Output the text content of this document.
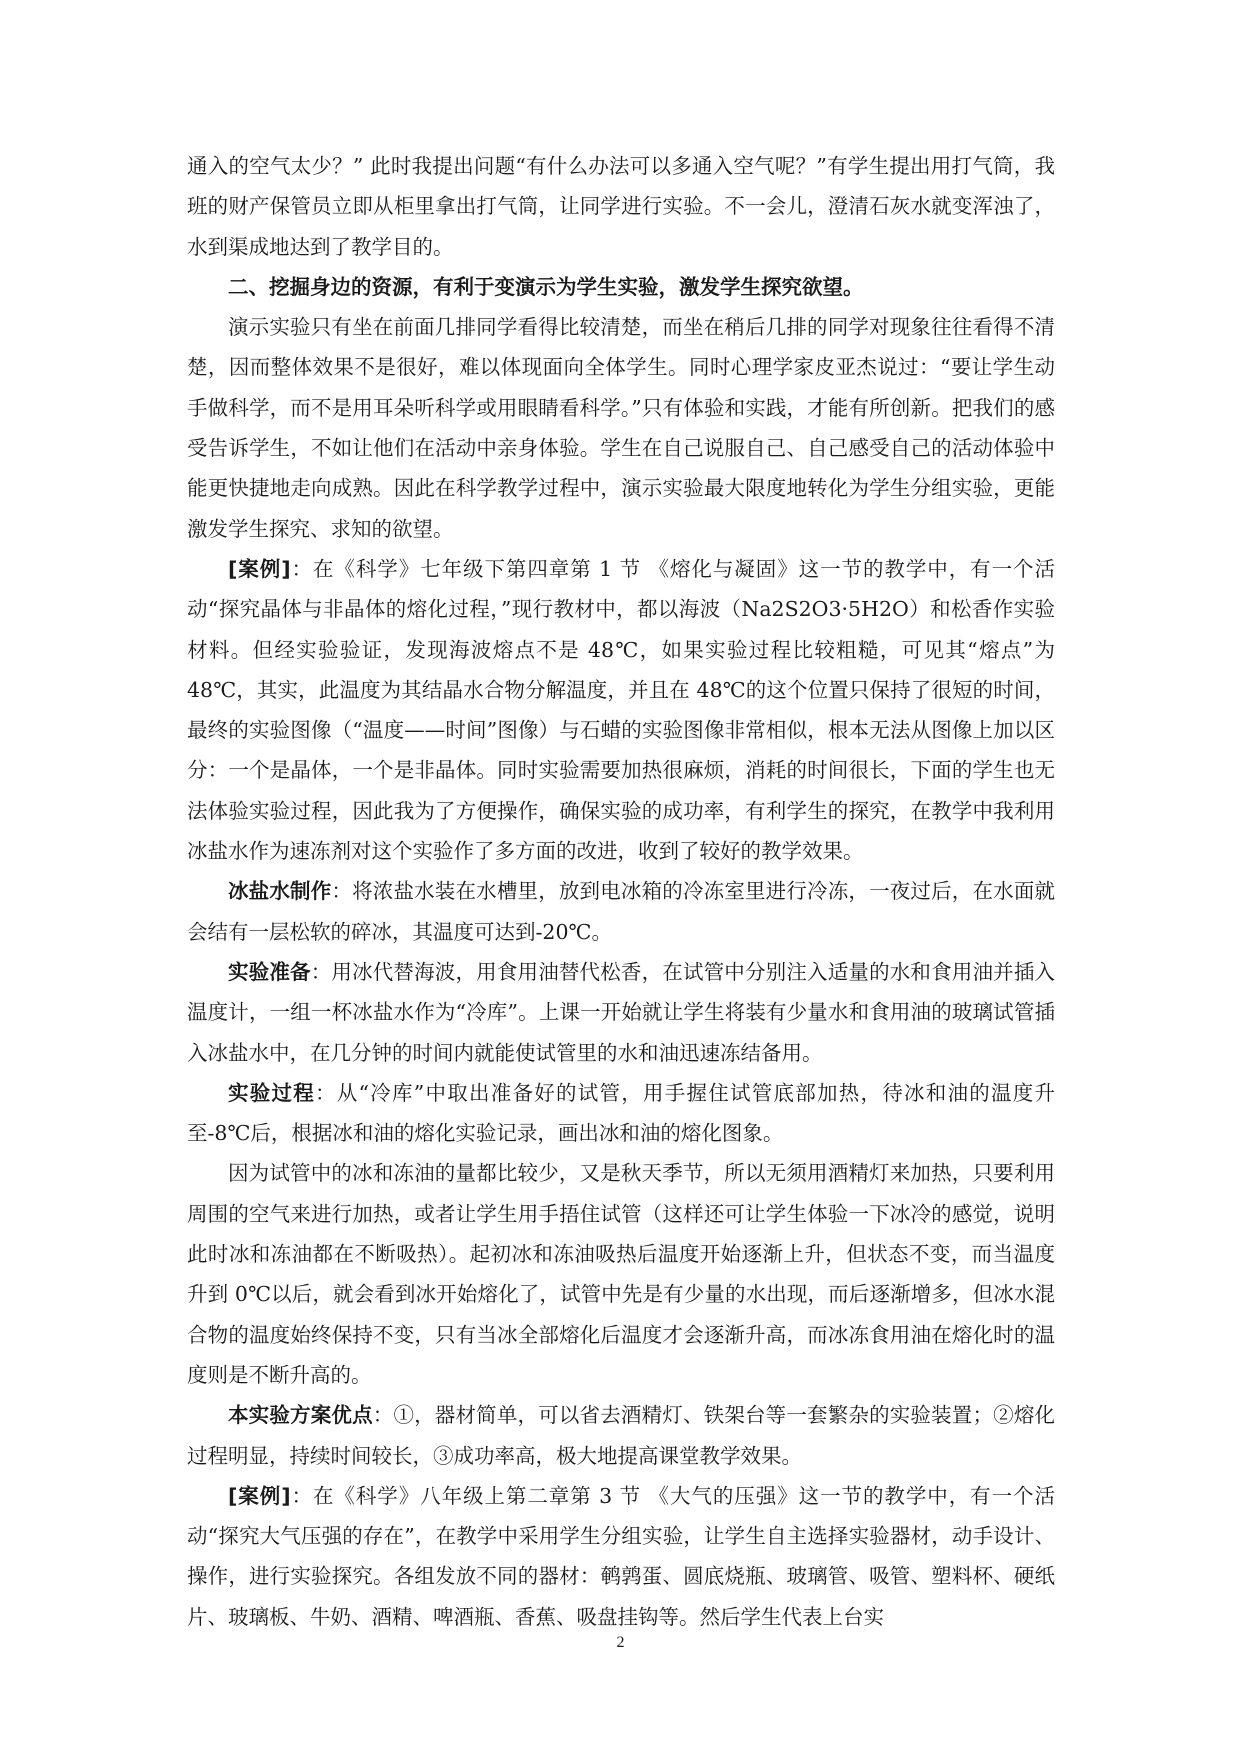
通入的空气太少？” 此时我提出问题“有什么办法可以多通入空气呢？”有学生提出用打气筒，我班的财产保管员立即从柜里拿出打气筒，让同学进行实验。不一会儿，澄清石灰水就变浑浊了，水到渠成地达到了教学目的。

二、挖掘身边的资源，有利于变演示为学生实验，激发学生探究欲望。

演示实验只有坐在前面几排同学看得比较清楚，而坐在稍后几排的同学对现象往往看得不清楚，因而整体效果不是很好，难以体现面向全体学生。同时心理学家皮亚杰说过：“要让学生动手做科学，而不是用耳朵听科学或用眼睛看科学。”只有体验和实践，才能有所创新。把我们的感受告诉学生，不如让他们在活动中亲身体验。学生在自己说服自己、自己感受自己的活动体验中能更快捷地走向成熟。因此在科学教学过程中，演示实验最大限度地转化为学生分组实验，更能激发学生探究、求知的欲望。

[案例]：在《科学》七年级下第四章第 1 节 《熔化与凝固》这一节的教学中，有一个活动“探究晶体与非晶体的熔化过程，”现行教材中，都以海波（Na2S2O3·5H2O）和松香作实验材料。但经实验验证，发现海波熔点不是 48℃，如果实验过程比较粗糙，可见其“熔点”为 48℃，其实，此温度为其结晶水合物分解温度，并且在 48℃的这个位置只保持了很短的时间，最终的实验图像（“温度——时间”图像）与石蜡的实验图像非常相似，根本无法从图像上加以区分：一个是晶体，一个是非晶体。同时实验需要加热很麻烦，消耗的时间很长，下面的学生也无法体验实验过程，因此我为了方便操作，确保实验的成功率，有利学生的探究，在教学中我利用冰盐水作为速冻剂对这个实验作了多方面的改进，收到了较好的教学效果。

冰盐水制作：将浓盐水装在水槽里，放到电冰箱的冷冻室里进行冷冻，一夜过后，在水面就会结有一层松软的碎冰，其温度可达到-20℃。

实验准备：用冰代替海波，用食用油替代松香，在试管中分别注入适量的水和食用油并插入温度计，一组一杯冰盐水作为“冷库”。上课一开始就让学生将装有少量水和食用油的玻璃试管插入冰盐水中，在几分钟的时间内就能使试管里的水和油迅速冻结备用。

实验过程：从“冷库”中取出准备好的试管，用手握住试管底部加热，待冰和油的温度升至-8℃后，根据冰和油的熔化实验记录，画出冰和油的熔化图象。

因为试管中的冰和冻油的量都比较少，又是秋天季节，所以无须用酒精灯来加热，只要利用周围的空气来进行加热，或者让学生用手捂住试管（这样还可让学生体验一下冰冷的感觉，说明此时冰和冻油都在不断吸热）。起初冰和冻油吸热后温度开始逐渐上升，但状态不变，而当温度升到 0℃以后，就会看到冰开始熔化了，试管中先是有少量的水出现，而后逐渐增多，但冰水混合物的温度始终保持不变，只有当冰全部熔化后温度才会逐渐升高，而冰冻食用油在熔化时的温度则是不断升高的。

本实验方案优点：①，器材简单，可以省去酒精灯、铁架台等一套繁杂的实验装置；②熔化过程明显，持续时间较长，③成功率高，极大地提高课堂教学效果。

[案例]：在《科学》八年级上第二章第 3 节 《大气的压强》这一节的教学中，有一个活动“探究大气压强的存在”，在教学中采用学生分组实验，让学生自主选择实验器材，动手设计、操作，进行实验探究。各组发放不同的器材：鹌鹑蛋、圆底烧瓶、玻璃管、吸管、塑料杯、硬纸片、玻璃板、牛奶、酒精、啤酒瓶、香蕉、吸盘挂钩等。然后学生代表上台实

2
